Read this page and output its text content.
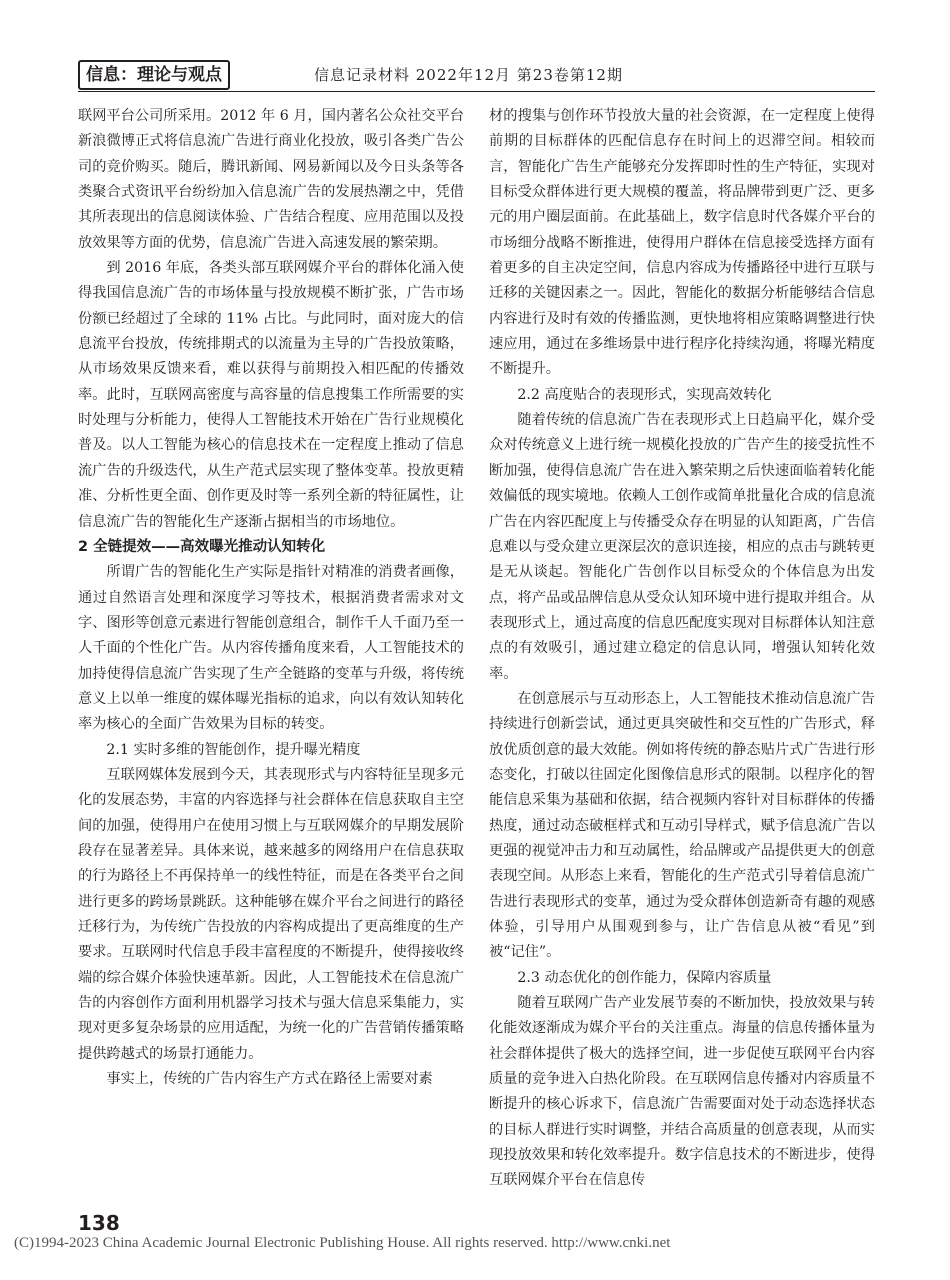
信息：理论与观点	信息记录材料 2022年12月 第23卷第12期

联网平台公司所采用。2012 年 6 月，国内著名公众社交平台新浪微博正式将信息流广告进行商业化投放，吸引各类广告公司的竞价购买。随后，腾讯新闻、网易新闻以及今日头条等各类聚合式资讯平台纷纷加入信息流广告的发展热潮之中，凭借其所表现出的信息阅读体验、广告结合程度、应用范围以及投放效果等方面的优势，信息流广告进入高速发展的繁荣期。

到 2016 年底，各类头部互联网媒介平台的群体化涌入使得我国信息流广告的市场体量与投放规模不断扩张，广告市场份额已经超过了全球的 11% 占比。与此同时，面对庞大的信息流平台投放，传统排期式的以流量为主导的广告投放策略，从市场效果反馈来看，难以获得与前期投入相匹配的传播效率。此时，互联网高密度与高容量的信息搜集工作所需要的实时处理与分析能力，使得人工智能技术开始在广告行业规模化普及。以人工智能为核心的信息技术在一定程度上推动了信息流广告的升级迭代，从生产范式层实现了整体变革。投放更精准、分析性更全面、创作更及时等一系列全新的特征属性，让信息流广告的智能化生产逐渐占据相当的市场地位。

2 全链提效——高效曝光推动认知转化

所谓广告的智能化生产实际是指针对精准的消费者画像，通过自然语言处理和深度学习等技术，根据消费者需求对文字、图形等创意元素进行智能创意组合，制作千人千面乃至一人千面的个性化广告。从内容传播角度来看，人工智能技术的加持使得信息流广告实现了生产全链路的变革与升级，将传统意义上以单一维度的媒体曝光指标的追求，向以有效认知转化率为核心的全面广告效果为目标的转变。

2.1 实时多维的智能创作，提升曝光精度

互联网媒体发展到今天，其表现形式与内容特征呈现多元化的发展态势，丰富的内容选择与社会群体在信息获取自主空间的加强，使得用户在使用习惯上与互联网媒介的早期发展阶段存在显著差异。具体来说，越来越多的网络用户在信息获取的行为路径上不再保持单一的线性特征，而是在各类平台之间进行更多的跨场景跳跃。这种能够在媒介平台之间进行的路径迁移行为，为传统广告投放的内容构成提出了更高维度的生产要求。互联网时代信息手段丰富程度的不断提升，使得接收终端的综合媒介体验快速革新。因此，人工智能技术在信息流广告的内容创作方面利用机器学习技术与强大信息采集能力，实现对更多复杂场景的应用适配，为统一化的广告营销传播策略提供跨越式的场景打通能力。

事实上，传统的广告内容生产方式在路径上需要对素

材的搜集与创作环节投放大量的社会资源，在一定程度上使得前期的目标群体的匹配信息存在时间上的迟滞空间。相较而言，智能化广告生产能够充分发挥即时性的生产特征，实现对目标受众群体进行更大规模的覆盖，将品牌带到更广泛、更多元的用户圈层面前。在此基础上，数字信息时代各媒介平台的市场细分战略不断推进，使得用户群体在信息接受选择方面有着更多的自主决定空间，信息内容成为传播路径中进行互联与迁移的关键因素之一。因此，智能化的数据分析能够结合信息内容进行及时有效的传播监测，更快地将相应策略调整进行快速应用，通过在多维场景中进行程序化持续沟通，将曝光精度不断提升。

2.2 高度贴合的表现形式，实现高效转化

随着传统的信息流广告在表现形式上日趋扁平化，媒介受众对传统意义上进行统一规模化投放的广告产生的接受抗性不断加强，使得信息流广告在进入繁荣期之后快速面临着转化能效偏低的现实境地。依赖人工创作或简单批量化合成的信息流广告在内容匹配度上与传播受众存在明显的认知距离，广告信息难以与受众建立更深层次的意识连接，相应的点击与跳转更是无从谈起。智能化广告创作以目标受众的个体信息为出发点，将产品或品牌信息从受众认知环境中进行提取并组合。从表现形式上，通过高度的信息匹配度实现对目标群体认知注意点的有效吸引，通过建立稳定的信息认同，增强认知转化效率。

在创意展示与互动形态上，人工智能技术推动信息流广告持续进行创新尝试，通过更具突破性和交互性的广告形式，释放优质创意的最大效能。例如将传统的静态贴片式广告进行形态变化，打破以往固定化图像信息形式的限制。以程序化的智能信息采集为基础和依据，结合视频内容针对目标群体的传播热度，通过动态破框样式和互动引导样式，赋予信息流广告以更强的视觉冲击力和互动属性，给品牌或产品提供更大的创意表现空间。从形态上来看，智能化的生产范式引导着信息流广告进行表现形式的变革，通过为受众群体创造新奇有趣的观感体验，引导用户从围观到参与，让广告信息从被“看见”到被“记住”。

2.3 动态优化的创作能力，保障内容质量

随着互联网广告产业发展节奏的不断加快，投放效果与转化能效逐渐成为媒介平台的关注重点。海量的信息传播体量为社会群体提供了极大的选择空间，进一步促使互联网平台内容质量的竞争进入白热化阶段。在互联网信息传播对内容质量不断提升的核心诉求下，信息流广告需要面对处于动态选择状态的目标人群进行实时调整，并结合高质量的创意表现，从而实现投放效果和转化效率提升。数字信息技术的不断进步，使得互联网媒介平台在信息传

138
(C)1994-2023 China Academic Journal Electronic Publishing House. All rights reserved. http://www.cnki.net
